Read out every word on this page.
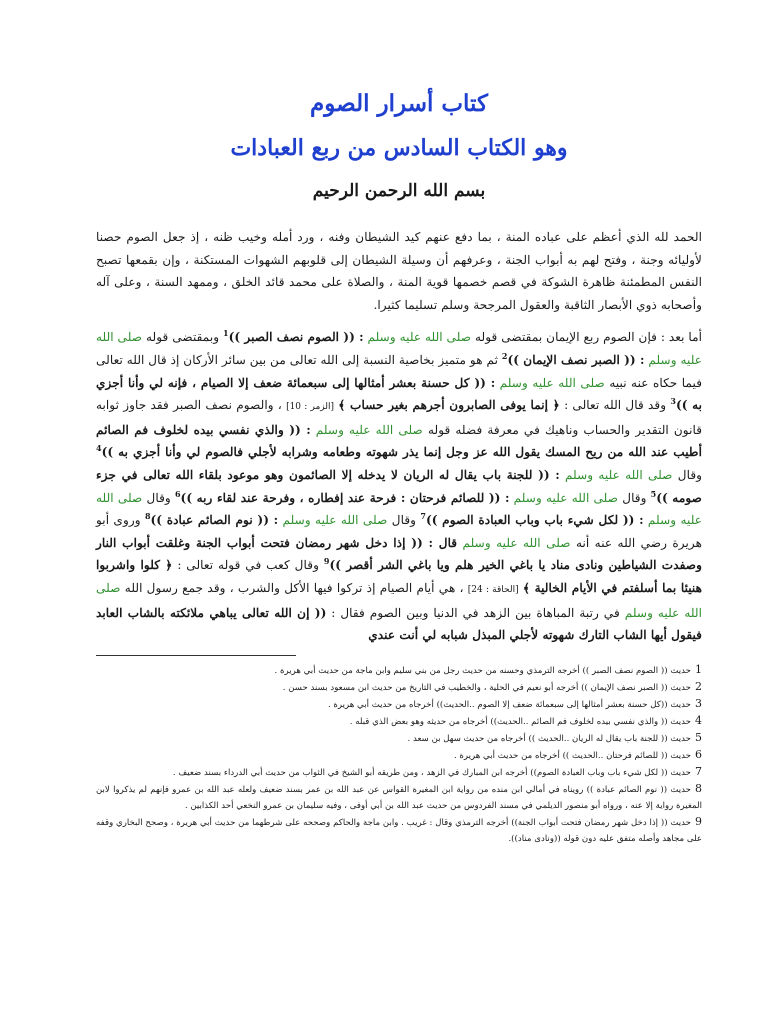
كتاب أسرار الصوم
وهو الكتاب السادس من ربع العبادات
بسم الله الرحمن الرحيم

الحمد لله الذي أعظم على عباده المنة ، بما دفع عنهم كيد الشيطان وفنه ، ورد أمله وخيب ظنه ، إذ جعل الصوم حصنا لأوليائه وجنة ، وفتح لهم به أبواب الجنة ، وعرفهم أن وسيلة الشيطان إلى قلوبهم الشهوات المستكنة ، وإن بقمعها تصبح النفس المطمئنة ظاهرة الشوكة في قصم خصمها قوية المنة ، والصلاة على محمد قائد الخلق ، وممهد السنة ، وعلى آله وأصحابه ذوي الأبصار الثاقبة والعقول المرجحة وسلم تسليما كثيرا.

أما بعد : فإن الصوم ربع الإيمان بمقتضى قوله صلى الله عليه وسلم : (( الصوم نصف الصبر ))$^1$ وبمقتضى قوله صلى الله عليه وسلم : (( الصبر نصف الإيمان ))$^2$ ثم هو متميز بخاصية النسبة إلى الله تعالى من بين سائر الأركان إذ قال الله تعالى فيما حكاه عنه نبيه صلى الله عليه وسلم : (( كل حسنة بعشر أمثالها إلى سبعمائة ضعف إلا الصيام ، فإنه لي وأنا أجزي به ))$^3$ وقد قال الله تعالى : ﴿ إنما يوفى الصابرون أجرهم بغير حساب ﴾ [الزمر : 10] ، والصوم نصف الصبر فقد جاوز ثوابه قانون التقدير والحساب وناهيك في معرفة فضله قوله صلى الله عليه وسلم : (( والذي نفسي بيده لخلوف فم الصائم أطيب عند الله من ريح المسك يقول الله عز وجل إنما يذر شهوته وطعامه وشرابه لأجلي فالصوم لي وأنا أجزي به ))$^4$ وقال صلى الله عليه وسلم : (( للجنة باب يقال له الريان لا يدخله إلا الصائمون وهو موعود بلقاء الله تعالى في جزء صومه ))$^5$ وقال صلى الله عليه وسلم : (( للصائم فرحتان : فرحة عند إفطاره ، وفرحة عند لقاء ربه ))$^6$ وقال صلى الله عليه وسلم : (( لكل شيء باب وباب العبادة الصوم ))$^7$ وقال صلى الله عليه وسلم : (( نوم الصائم عبادة ))$^8$ وروى أبو هريرة رضي الله عنه أنه صلى الله عليه وسلم قال : (( إذا دخل شهر رمضان فتحت أبواب الجنة وغلقت أبواب النار وصفدت الشياطين ونادى مناد يا باغي الخير هلم ويا باغي الشر أقصر ))$^9$ وقال كعب في قوله تعالى : ﴿ كلوا واشربوا هنيئا بما أسلفتم في الأيام الخالية ﴾ [الحاقة : 24] ، هي أيام الصيام إذ تركوا فيها الأكل والشرب ، وقد جمع رسول الله صلى الله عليه وسلم في رتبة المباهاة بين الزهد في الدنيا وبين الصوم فقال : (( إن الله تعالى يباهي ملائكته بالشاب العابد فيقول أيها الشاب التارك شهوته لأجلي المبذل شبابه لي أنت عندي

1حديث (( الصوم نصف الصبر )) أخرجه الترمذي وحسنه من حديث رجل من بني سليم وابن ماجة من حديث أبي هريرة .

2حديث (( الصبر نصف الإيمان )) أخرجه أبو نعيم في الحلية ، والخطيب في التاريخ من حديث ابن مسعود بسند حسن .

3حديث ((كل حسنة بعشر أمثالها إلى سبعمائة ضعف إلا الصوم ..الحديث)) أخرجاه من حديث أبي هريرة .

4حديث (( والذي نفسي بيده لخلوف فم الصائم ..الحديث)) أخرجاه من حديثه وهو بعض الذي قبله .

5حديث (( للجنة باب يقال له الريان ..الحديث )) أخرجاه من حديث سهل بن سعد .

6حديث (( للصائم فرحتان ..الحديث )) أخرجاه من حديث أبي هريرة .

7حديث (( لكل شيء باب وباب العبادة الصوم)) أخرجه ابن المبارك في الزهد ، ومن طريقه أبو الشيخ في الثواب من حديث أبي الدرداء بسند ضعيف .

8حديث (( نوم الصائم عبادة )) رويناه في أمالي ابن منده من رواية ابن المغيرة القواس عن عبد الله بن عمر بسند ضعيف ولعله عبد الله بن عمرو فإنهم لم يذكروا لابن المغيرة رواية إلا عنه ، ورواه أبو منصور الديلمي في مسند الفردوس من حديث عبد الله بن أبي أوفى ، وفيه سليمان بن عمرو النخعي أحد الكذابين .

9حديث (( إذا دخل شهر رمضان فتحت أبواب الجنة)) أخرجه الترمذي وقال : غريب . وابن ماجة والحاكم وصححه على شرطهما من حديث أبي هريرة ، وصحح البخاري وقفه على مجاهد وأصله متفق عليه دون قوله ((ونادى مناد)).
